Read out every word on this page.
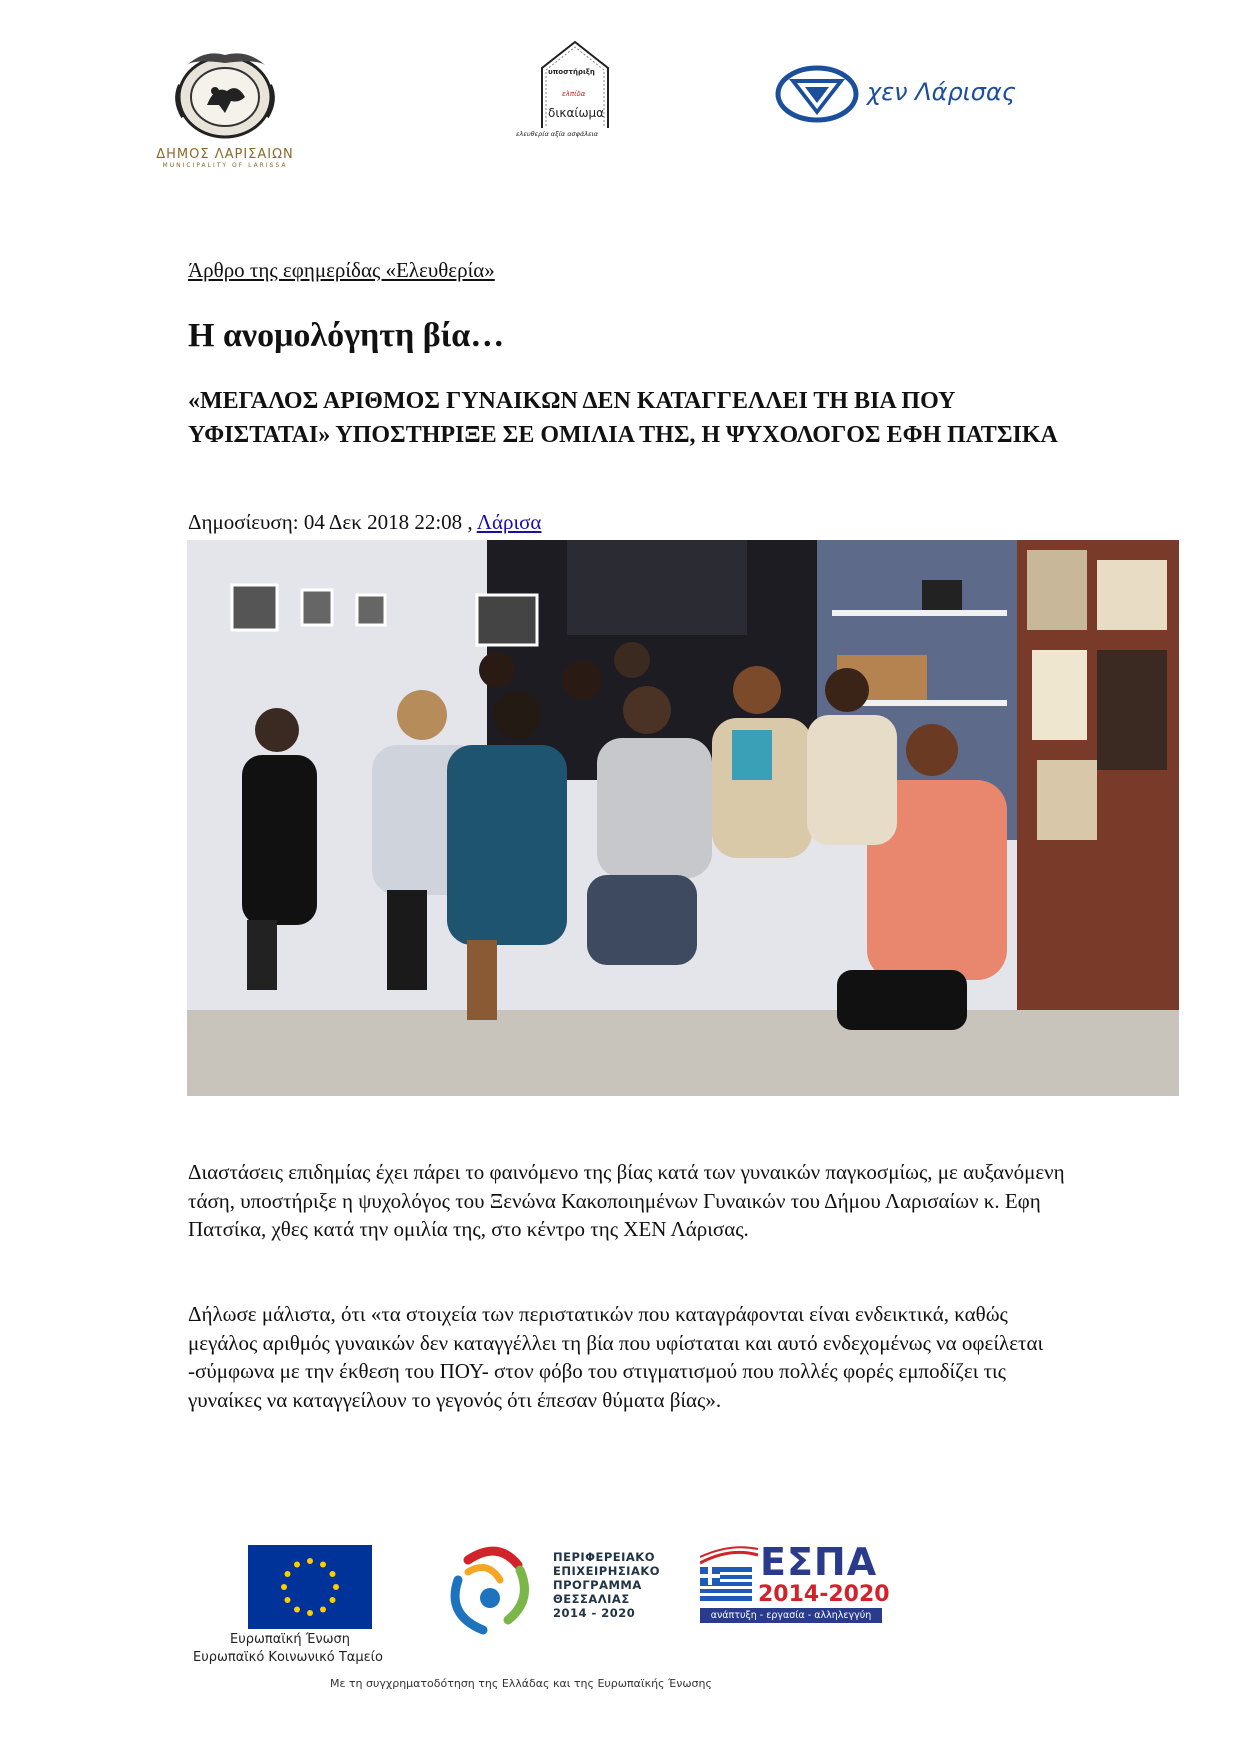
ΔΗΜΟΣ ΛΑΡΙΣΑΙΩΝ
MUNICIPALITY OF LARISSA
υποστήριξη
ελπίδα
δικαίωμα
ελευθερία αξία ασφάλεια
χεν Λάρισας

Άρθρο της εφημερίδας «Ελευθερία»

Η ανομολόγητη βία…
«ΜΕΓΑΛΟΣ ΑΡΙΘΜΟΣ ΓΥΝΑΙΚΩΝ ΔΕΝ ΚΑΤΑΓΓΕΛΛΕΙ ΤΗ ΒΙΑ ΠΟΥ ΥΦΙΣΤΑΤΑΙ» ΥΠΟΣΤΗΡΙΞΕ ΣΕ ΟΜΙΛΙΑ ΤΗΣ, Η ΨΥΧΟΛΟΓΟΣ ΕΦΗ ΠΑΤΣΙΚΑ

Δημοσίευση: 04 Δεκ 2018 22:08 , Λάρισα

Διαστάσεις επιδημίας έχει πάρει το φαινόμενο της βίας κατά των γυναικών παγκοσμίως, με αυξανόμενη τάση, υποστήριξε η ψυχολόγος του Ξενώνα Κακοποιημένων Γυναικών του Δήμου Λαρισαίων κ. Εφη Πατσίκα, χθες κατά την ομιλία της, στο κέντρο της ΧΕΝ Λάρισας.

Δήλωσε μάλιστα, ότι «τα στοιχεία των περιστατικών που καταγράφονται είναι ενδεικτικά, καθώς μεγάλος αριθμός γυναικών δεν καταγγέλλει τη βία που υφίσταται και αυτό ενδεχομένως να οφείλεται -σύμφωνα με την έκθεση του ΠΟΥ- στον φόβο του στιγματισμού που πολλές φορές εμποδίζει τις γυναίκες να καταγγείλουν το γεγονός ότι έπεσαν θύματα βίας».

Ευρωπαϊκή Ένωση
Ευρωπαϊκό Κοινωνικό Ταμείο
ΠΕΡΙΦΕΡΕΙΑΚΟ
ΕΠΙΧΕΙΡΗΣΙΑΚΟ
ΠΡΟΓΡΑΜΜΑ
ΘΕΣΣΑΛΙΑΣ
2014 - 2020
ΕΣΠΑ
2014-2020
ανάπτυξη - εργασία - αλληλεγγύη
Με τη συγχρηματοδότηση της Ελλάδας και της Ευρωπαϊκής Ένωσης
